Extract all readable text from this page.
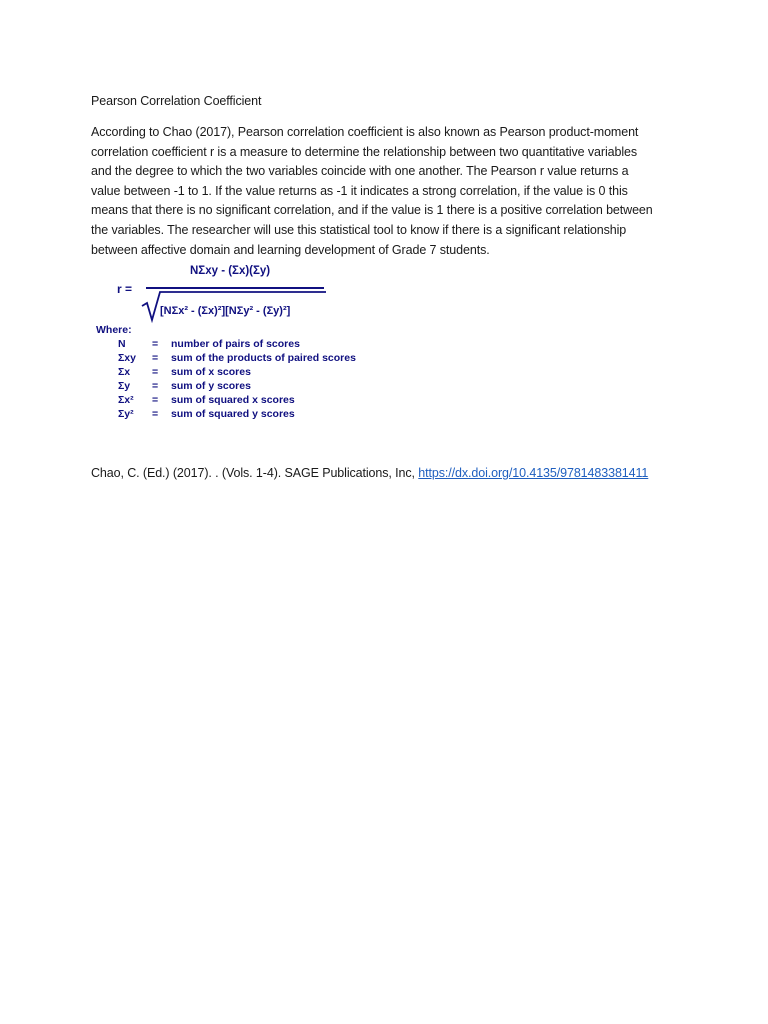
Pearson Correlation Coefficient
According to Chao (2017), Pearson correlation coefficient is also known as Pearson product-moment
correlation coefficient r is a measure to determine the relationship between two quantitative variables
and the degree to which the two variables coincide with one another. The Pearson r value returns a
value between -1 to 1. If the value returns as -1 it indicates a strong correlation, if the value is 0 this
means that there is no significant correlation, and if the value is 1 there is a positive correlation between
the variables. The researcher will use this statistical tool to know if there is a significant relationship
between affective domain and learning development of Grade 7 students.
r =
NΣxy - (Σx)(Σy)
[NΣx² - (Σx)²][NΣy² - (Σy)²]
Where:
N	= number of pairs of scores
Σxy = sum of the products of paired scores
Σx = sum of x scores
Σy = sum of y scores
Σx² = sum of squared x scores
Σy² = sum of squared y scores
Chao, C. (Ed.) (2017). . (Vols. 1-4). SAGE Publications, Inc, https://dx.doi.org/10.4135/9781483381411
